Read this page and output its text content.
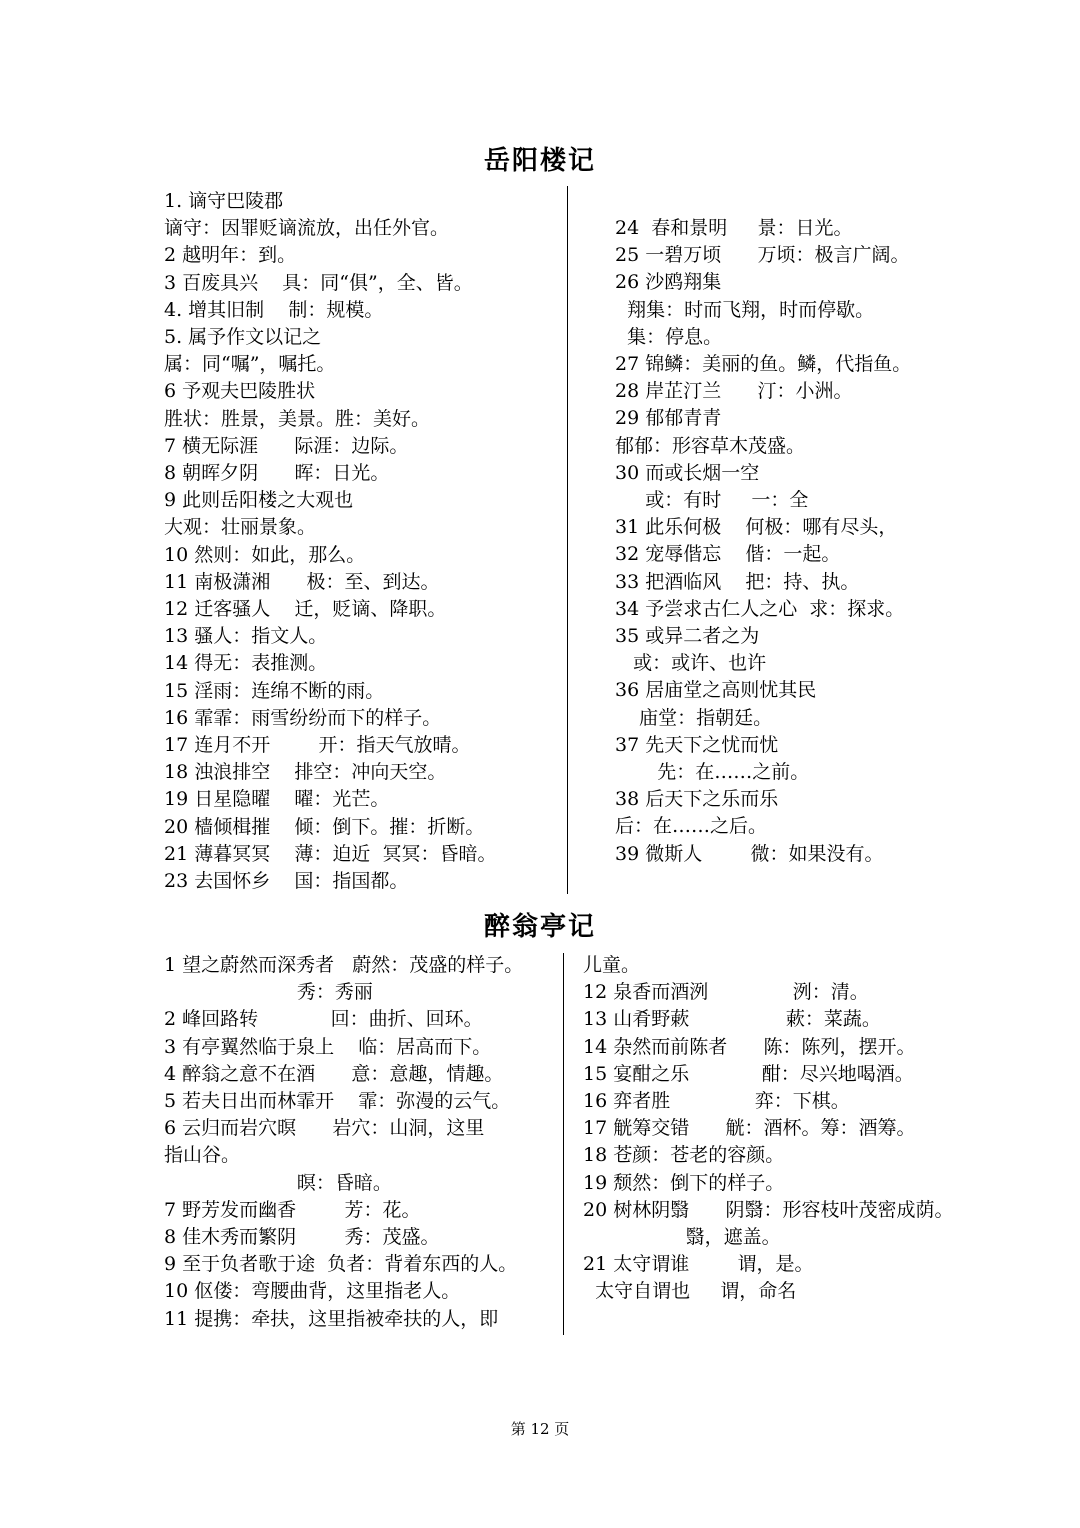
岳阳楼记
1. 谪守巴陵郡
谪守：因罪贬谪流放，出任外官。
2 越明年：到。
3 百废具兴    具：同“俱”，全、皆。
4. 增其旧制    制：规模。
5. 属予作文以记之
属：同“嘱”，嘱托。
6 予观夫巴陵胜状
胜状：胜景，美景。胜：美好。
7 横无际涯      际涯：边际。
8 朝晖夕阴      晖：日光。
9 此则岳阳楼之大观也
大观：壮丽景象。
10 然则：如此，那么。
11 南极潇湘      极：至、到达。
12 迁客骚人    迁，贬谪、降职。
13 骚人：指文人。
14 得无：表推测。
15 淫雨：连绵不断的雨。
16 霏霏：雨雪纷纷而下的样子。
17 连月不开        开：指天气放晴。
18 浊浪排空    排空：冲向天空。
19 日星隐曜    曜：光芒。
20 樯倾楫摧    倾：倒下。摧：折断。
21 薄暮冥冥    薄：迫近  冥冥：昏暗。
23 去国怀乡    国：指国都。
24  春和景明     景：日光。
25 一碧万顷      万顷：极言广阔。
26 沙鸥翔集
翔集：时而飞翔，时而停歇。
集：停息。
27 锦鳞：美丽的鱼。鳞，代指鱼。
28 岸芷汀兰      汀：小洲。
29 郁郁青青
郁郁：形容草木茂盛。
30 而或长烟一空
或：有时     一：全
31 此乐何极    何极：哪有尽头，
32 宠辱偕忘    偕：一起。
33 把酒临风    把：持、执。
34 予尝求古仁人之心  求：探求。
35 或异二者之为
或：或许、也许
36 居庙堂之高则忧其民
庙堂：指朝廷。
37 先天下之忧而忧
先：在……之前。
38 后天下之乐而乐
后：在……之后。
39 微斯人        微：如果没有。
醉翁亭记
1 望之蔚然而深秀者   蔚然：茂盛的样子。
秀：秀丽
2 峰回路转            回：曲折、回环。
3 有亭翼然临于泉上    临：居高而下。
4 醉翁之意不在酒      意：意趣，情趣。
5 若夫日出而林霏开    霏：弥漫的云气。
6 云归而岩穴暝      岩穴：山洞，这里
指山谷。
暝：昏暗。
7 野芳发而幽香        芳：花。
8 佳木秀而繁阴        秀：茂盛。
9 至于负者歌于途  负者：背着东西的人。
10 伛偻：弯腰曲背，这里指老人。
11 提携：牵扶，这里指被牵扶的人，即
儿童。
12 泉香而酒洌              洌：清。
13 山肴野蔌                蔌：菜蔬。
14 杂然而前陈者      陈：陈列，摆开。
15 宴酣之乐            酣：尽兴地喝酒。
16 弈者胜              弈：下棋。
17 觥筹交错      觥：酒杯。筹：酒筹。
18 苍颜：苍老的容颜。
19 颓然：倒下的样子。
20 树林阴翳      阴翳：形容枝叶茂密成荫。
翳，遮盖。
21 太守谓谁        谓，是。
太守自谓也     谓，命名
第 12 页
